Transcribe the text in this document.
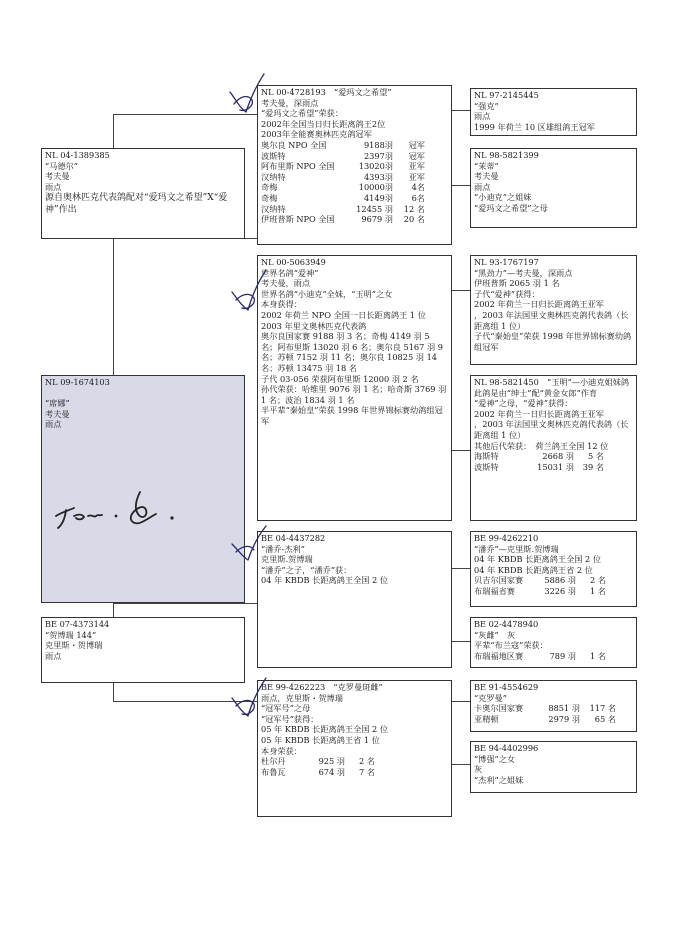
NL 04-1389385
“马德尔”
考夫曼
雨点
源自奥林匹克代表鸽配对“爱玛文之希望”X“爱神”作出
NL 09-1674103

“席娜”
考夫曼
雨点
BE 07-4373144
“贺博瑞 144”
克里斯・贺博瑞
雨点
NL 00-4728193　“爱玛文之希望”
考夫曼，深雨点
“爱玛文之希望”荣获：
2002年全国当日归长距离鸽王2位
2003年全能赛奥林匹克鸽冠军
奥尔良 NPO 全国	9188羽	冠军
波斯特	2397羽	冠军
阿布里斯 NPO 全国	13020羽	亚军
汉纳特	4393羽	亚军
奇梅	10000羽	4名
奇梅	4149羽	6名
汉纳特	12455 羽	12 名
伊班普斯 NPO 全国	9679 羽	20 名
NL 00-5063949
世界名鸽“爱神”
考夫曼，雨点
世界名鸽“小迪克”全妹，“玉明”之女
本身获得：
2002 年荷兰 NPO 全国一日长距离鸽王 1 位
2003 年里文奥林匹克代表鸽
奥尔良国家赛 9188 羽 3 名；奇梅 4149 羽 5 名；阿布里斯 13020 羽 6 名；奥尔良 5167 羽 9 名；苏顿 7152 羽 11 名；奥尔良 10825 羽 14 名；苏顿 13475 羽 18 名
子代 03-056 荣获阿布里斯 12000 羽 2 名
孙代荣获：哈维里 9076 羽 1 名；哈奇斯 3769 羽 1 名；波治 1834 羽 1 名
半平辈“秦始皇”荣获 1998 年世界锦标赛幼鸽组冠军
BE 04-4437282
“潘乔-杰利”
克里斯.贺博瑞
“潘乔”之子，“潘乔”获：
04 年 KBDB 长距离鸽王全国 2 位
BE 99-4262223　“克罗曼斑雌”
雨点，克里斯・贺博瑞
“冠军号”之母
“冠军号”获得：
05 年 KBDB 长距离鸽王全国 2 位
05 年 KBDB 长距离鸽王省 1 位
本身荣获：
杜尔丹	925 羽	2 名
布鲁瓦	674 羽	7 名
NL 97-2145445
“强克”
雨点
1999 年荷兰 10 区雄组鸽王冠军
NL 98-5821399
“茉蒂”
考夫曼
雨点
“小迪克”之姐妹
“爱玛文之希望”之母
NL 93-1767197
“黑劲力”—考夫曼，深雨点
伊班普斯 2065 羽 1 名
子代“爱神”获得：
2002 年荷兰一日归长距离鸽王亚军
，2003 年法国里文奥林匹克鸽代表鸽（长距离组 1 位）
子代“秦始皇”荣获 1998 年世界锦标赛幼鸽组冠军
NL 98-5821450　“玉明”—小迪克姐妹鸽
此鸽是由“绅士”配“黄金女郎”作育
“爱神”之母，“爱神”获得：
2002 年荷兰一日归长距离鸽王亚军
，2003 年法国里文奥林匹克鸽代表鸽（长距离组 1 位）
其他后代荣获：　荷兰鸽王全国 12 位
海斯特	2668 羽	5 名
波斯特	15031 羽	39 名
BE 99-4262210
“潘乔”—克里斯.贺博瑞
04 年 KBDB 长距离鸽王全国 2 位
04 年 KBDB 长距离鸽王省 2 位
贝吉尔国家赛	5886 羽	2 名
布瑞福省赛	3226 羽	1 名
BE 02-4478940
“灰雌”　灰
平辈“布兰寇”荣获：
布瑞福地区赛	789 羽	1 名
BE 91-4554629
“克罗曼”
卡奥尔国家赛	8851 羽	117 名
亚精顿	2979 羽	65 名
BE 94-4402996
“博强”之女
灰
“杰利”之姐妹
